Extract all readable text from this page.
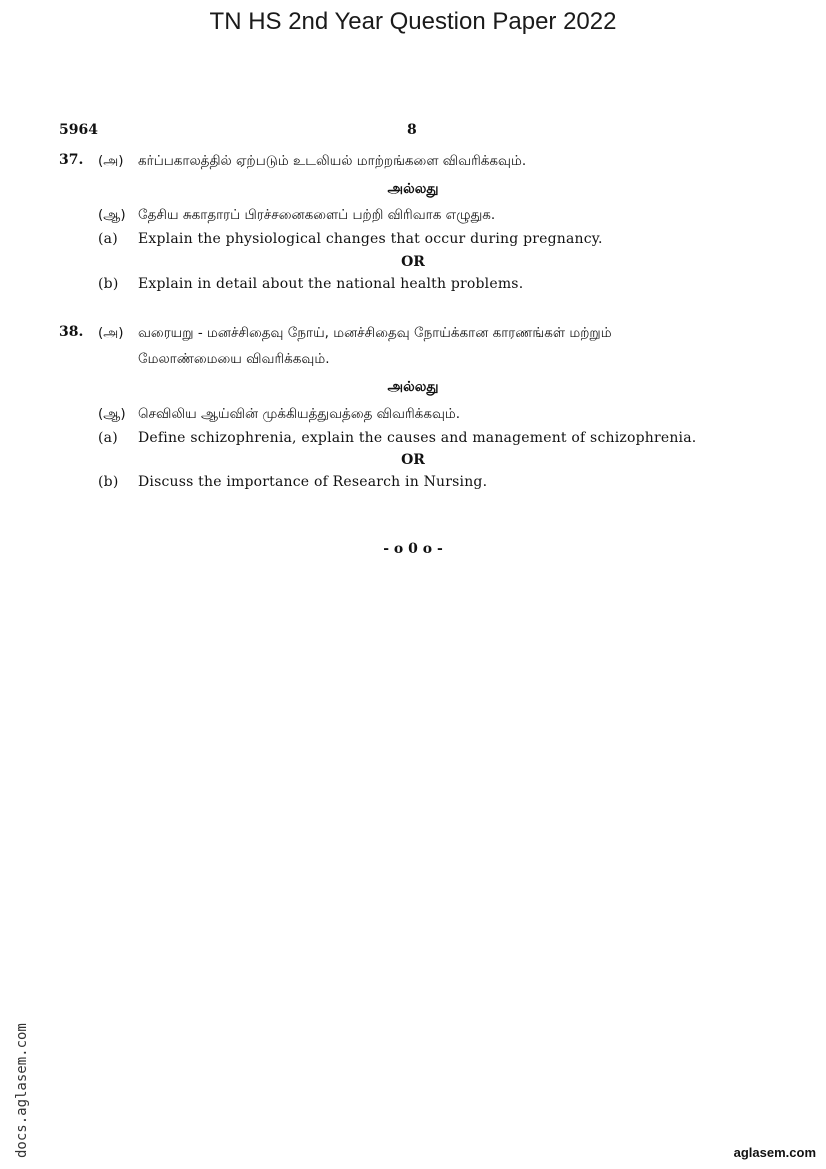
TN HS 2nd Year Question Paper 2022
5964	8
37. (அ) கர்ப்பகாலத்தில் ஏற்படும் உடலியல் மாற்றங்களை விவரிக்கவும்.
அல்லது
(ஆ) தேசிய சுகாதாரப் பிரச்சனைகளைப் பற்றி விரிவாக எழுதுக.
(a) Explain the physiological changes that occur during pregnancy.
OR
(b) Explain in detail about the national health problems.
38. (அ) வரையறு - மனச்சிதைவு நோய், மனச்சிதைவு நோய்க்கான காரணங்கள் மற்றும்
மேலாண்மையை விவரிக்கவும்.
அல்லது
(ஆ) செவிலிய ஆய்வின் முக்கியத்துவத்தை விவரிக்கவும்.
(a) Define schizophrenia, explain the causes and management of schizophrenia.
OR
(b) Discuss the importance of Research in Nursing.
- o 0 o -
docs.aglasem.com	aglasem.com
